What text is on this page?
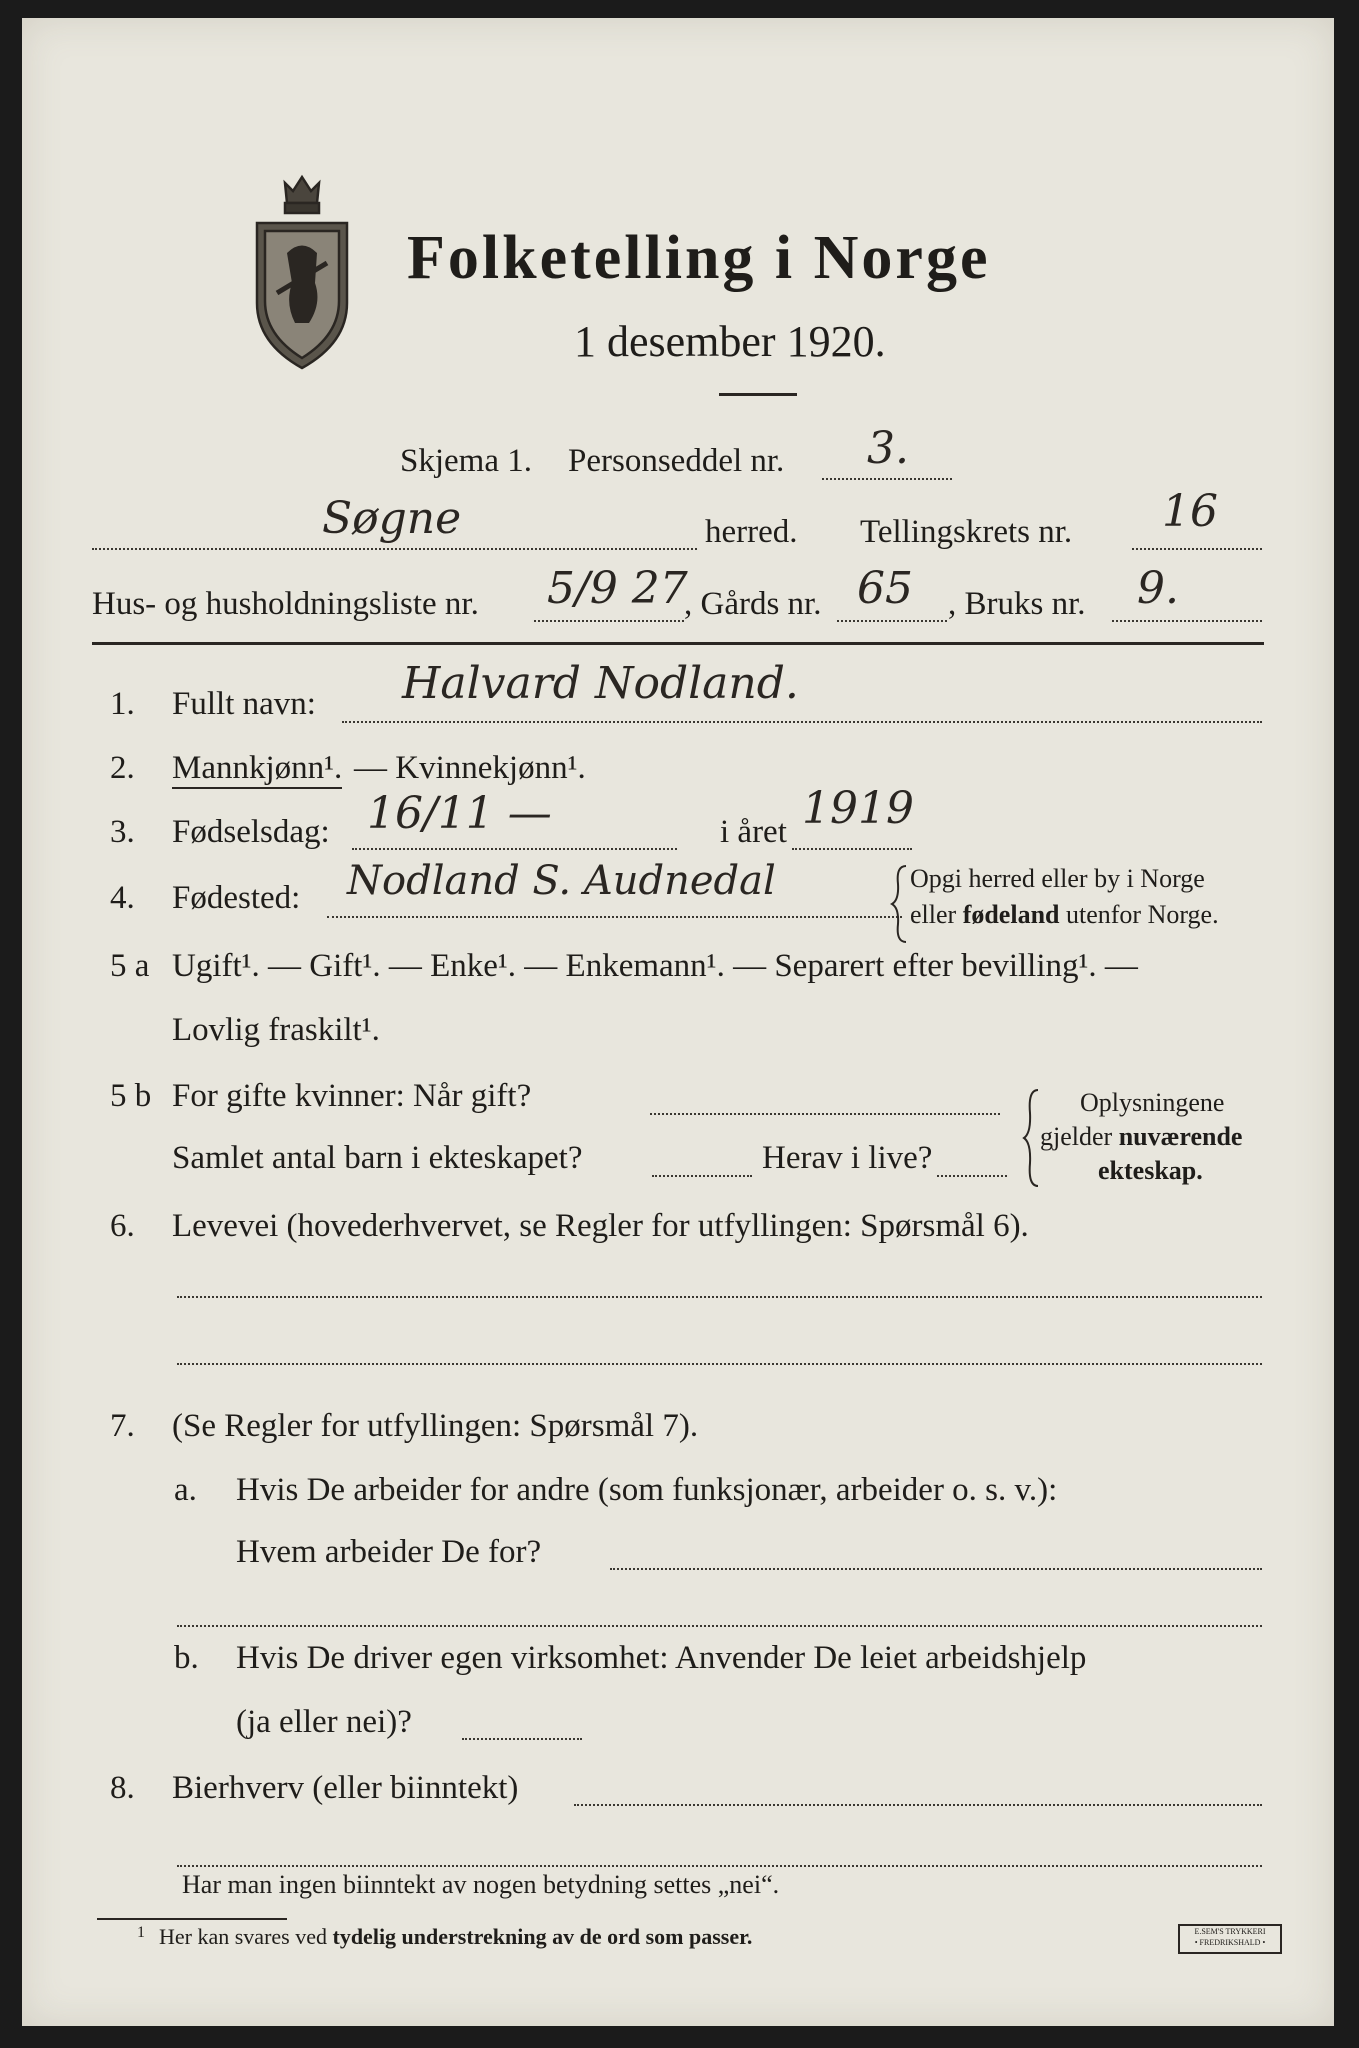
Folketelling i Norge
1 desember 1920.
Skjema 1. Personseddel nr. 3.
Søgne	herred. Tellingskrets nr. 16
Hus- og husholdningsliste nr. 5/9 27
, Gårds nr. 65 , Bruks nr. 9.
1. Fullt navn: Halvard Nodland.
2. Mannkjønn¹. — Kvinnekjønn¹.
3. Fødselsdag: 16/11 —	i året 1919
4. Fødested: Nodland S. Audnedal	Opgi herred eller by i Norge
eller fødeland utenfor Norge.
5 a Ugift¹. — Gift¹. — Enke¹. — Enkemann¹. — Separert efter bevilling¹. —
Lovlig fraskilt¹.
5 b For gifte kvinner: Når gift?
Samlet antal barn i ekteskapet?	Herav i live?
Oplysningene
gjelder nuværende
ekteskap.
6. Levevei (hovederhvervet, se Regler for utfyllingen: Spørsmål 6).
7. (Se Regler for utfyllingen: Spørsmål 7).
a. Hvis De arbeider for andre (som funksjonær, arbeider o. s. v.):
Hvem arbeider De for?
b. Hvis De driver egen virksomhet: Anvender De leiet arbeidshjelp
(ja eller nei)?
8. Bierhverv (eller biinntekt)
Har man ingen biinntekt av nogen betydning settes „nei“.
$^1$ Her kan svares ved tydelig understrekning av de ord som passer.	E.SEM'S TRYKKERI
• FREDRIKSHALD •
